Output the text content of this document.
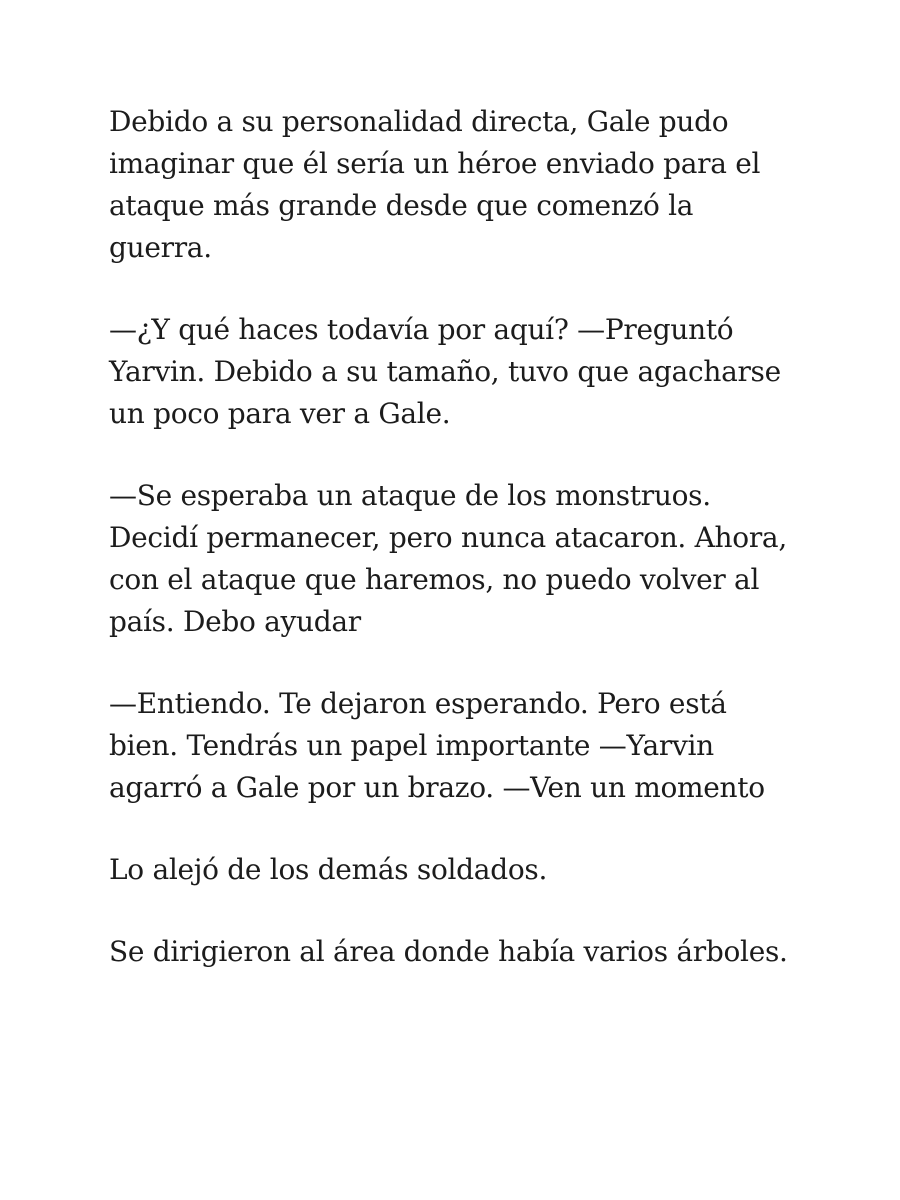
Debido a su personalidad directa, Gale pudo
imaginar que él sería un héroe enviado para el
ataque más grande desde que comenzó la
guerra.

—¿Y qué haces todavía por aquí? —Preguntó
Yarvin. Debido a su tamaño, tuvo que agacharse
un poco para ver a Gale.

—Se esperaba un ataque de los monstruos.
Decidí permanecer, pero nunca atacaron. Ahora,
con el ataque que haremos, no puedo volver al
país. Debo ayudar

—Entiendo. Te dejaron esperando. Pero está
bien. Tendrás un papel importante —Yarvin
agarró a Gale por un brazo. —Ven un momento

Lo alejó de los demás soldados.

Se dirigieron al área donde había varios árboles.
